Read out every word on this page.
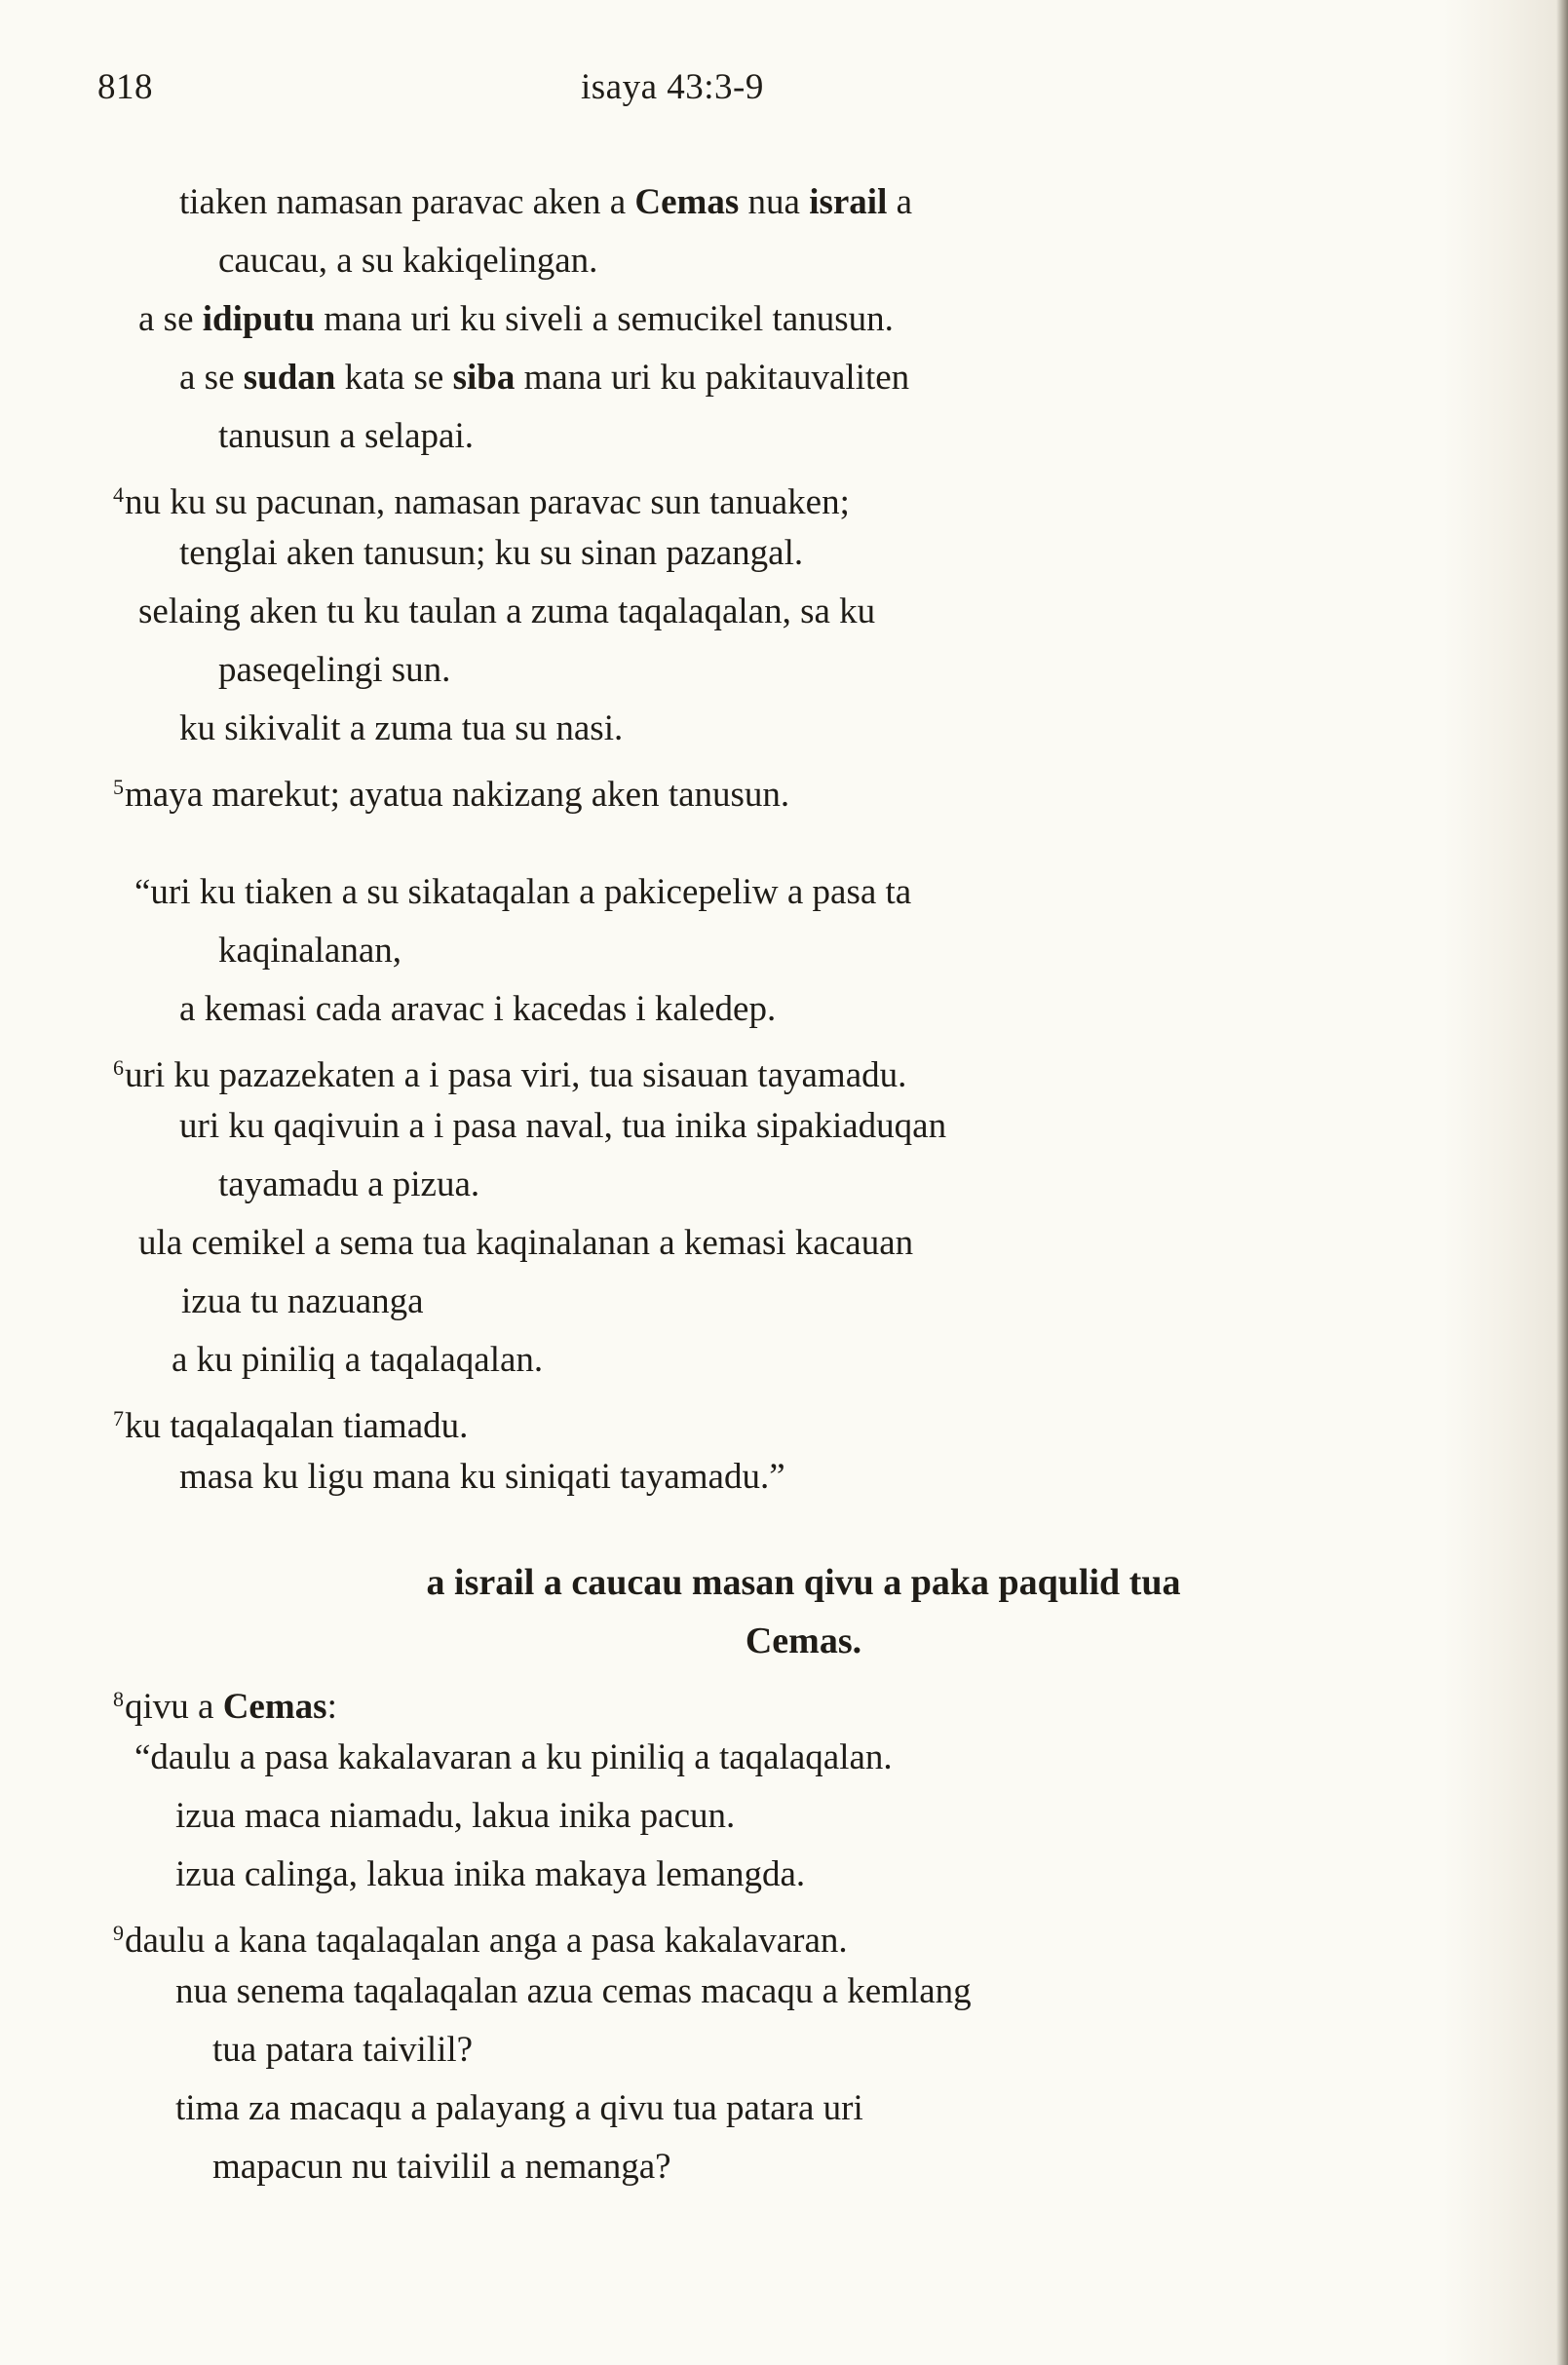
818	isaya 43:3-9
tiaken namasan paravac aken a Cemas nua israil a
caucau, a su kakiqelingan.
a se idiputu mana uri ku siveli a semucikel tanusun.
a se sudan kata se siba mana uri ku pakitauvaliten
tanusun a selapai.
$^4$nu ku su pacunan, namasan paravac sun tanuaken;
tenglai aken tanusun; ku su sinan pazangal.
selaing aken tu ku taulan a zuma taqalaqalan, sa ku
paseqelingi sun.
ku sikivalit a zuma tua su nasi.
$^5$maya marekut; ayatua nakizang aken tanusun.
“uri ku tiaken a su sikataqalan a pakicepeliw a pasa ta
kaqinalanan,
a kemasi cada aravac i kacedas i kaledep.
$^6$uri ku pazazekaten a i pasa viri, tua sisauan tayamadu.
uri ku qaqivuin a i pasa naval, tua inika sipakiaduqan
tayamadu a pizua.
ula cemikel a sema tua kaqinalanan a kemasi kacauan
izua tu nazuanga
a ku piniliq a taqalaqalan.
$^7$ku taqalaqalan tiamadu.
masa ku ligu mana ku siniqati tayamadu.”
a israil a caucau masan qivu a paka paqulid tua
Cemas.
$^8$qivu a Cemas:
“daulu a pasa kakalavaran a ku piniliq a taqalaqalan.
izua maca niamadu, lakua inika pacun.
izua calinga, lakua inika makaya lemangda.
$^9$daulu a kana taqalaqalan anga a pasa kakalavaran.
nua senema taqalaqalan azua cemas macaqu a kemlang
tua patara taivilil?
tima za macaqu a palayang a qivu tua patara uri
mapacun nu taivilil a nemanga?
